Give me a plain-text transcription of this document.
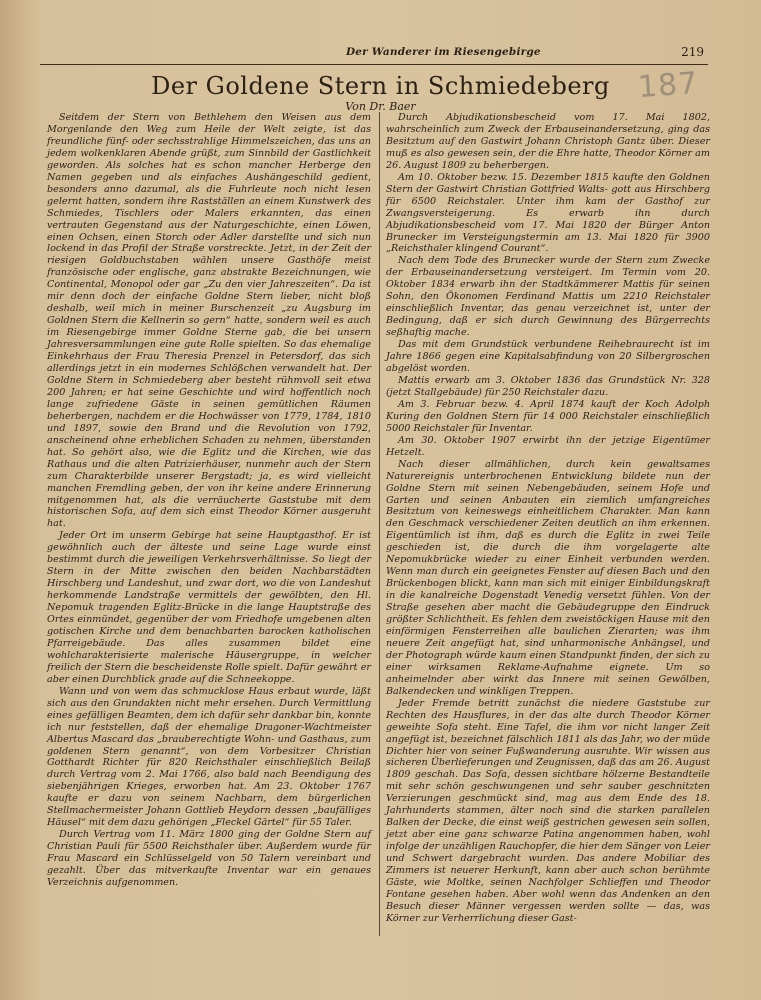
Der Wanderer im Riesengebirge	219
187
Der Goldene Stern in Schmiedeberg
Von Dr. Baer

Seitdem der Stern von Bethlehem den Weisen aus dem Morgenlande den Weg zum Heile der Welt zeigte, ist das freundliche fünf- oder sechsstrahlige Himmelszeichen, das uns an jedem wolkenklaren Abende grüßt, zum Sinnbild der Gastlichkeit geworden. Als solches hat es schon mancher Herberge den Namen gegeben und als einfaches Aushängeschild gedient, besonders anno dazumal, als die Fuhrleute noch nicht lesen gelernt hatten, sondern ihre Rastställen an einem Kunstwerk des Schmiedes, Tischlers oder Malers erkannten, das einen vertrauten Gegenstand aus der Naturgeschichte, einen Löwen, einen Ochsen, einen Storch oder Adler darstellte und sich nun lockend in das Profil der Straße vorstreckte. Jetzt, in der Zeit der riesigen Goldbuchstaben wählen unsere Gasthöfe meist französische oder englische, ganz abstrakte Bezeichnungen, wie Continental, Monopol oder gar „Zu den vier Jahreszeiten“. Da ist mir denn doch der einfache Goldne Stern lieber, nicht bloß deshalb, weil mich in meiner Burschenzeit „zu Augsburg im Goldnen Stern die Kellnerin so gern“ hatte, sondern weil es auch im Riesengebirge immer Goldne Sterne gab, die bei unsern Jahresversammlungen eine gute Rolle spielten. So das ehemalige Einkehrhaus der Frau Theresia Prenzel in Petersdorf, das sich allerdings jetzt in ein modernes Schlößchen verwandelt hat. Der Goldne Stern in Schmiedeberg aber besteht rühmvoll seit etwa 200 Jahren; er hat seine Geschichte und wird hoffentlich noch lange zufriedene Gäste in seinen gemütlichen Räumen beherbergen, nachdem er die Hochwässer von 1779, 1784, 1810 und 1897, sowie den Brand und die Revolution von 1792, anscheinend ohne erheblichen Schaden zu nehmen, überstanden hat. So gehört also, wie die Eglitz und die Kirchen, wie das Rathaus und die alten Patrizierhäuser, nunmehr auch der Stern zum Charakterbilde unserer Bergstadt; ja, es wird vielleicht manchen Fremdling geben, der von ihr keine andere Erinnerung mitgenommen hat, als die verräucherte Gaststube mit dem historischen Sofa, auf dem sich einst Theodor Körner ausgeruht hat.

Jeder Ort im unserm Gebirge hat seine Hauptgasthof. Er ist gewöhnlich auch der älteste und seine Lage wurde einst bestimmt durch die jeweiligen Verkehrsverhältnisse. So liegt der Stern in der Mitte zwischen den beiden Nachbarstädten Hirschberg und Landeshut, und zwar dort, wo die von Landeshut herkommende Landstraße vermittels der gewölbten, den Hl. Nepomuk tragenden Eglitz-Brücke in die lange Hauptstraße des Ortes einmündet, gegenüber der vom Friedhofe umgebenen alten gotischen Kirche und dem benachbarten barocken katholischen Pfarreigebäude. Das alles zusammen bildet eine wohlcharakterisierte malerische Häusergruppe, in welcher freilich der Stern die bescheidenste Rolle spielt. Dafür gewährt er aber einen Durchblick grade auf die Schneekoppe.

Wann und von wem das schmucklose Haus erbaut wurde, läßt sich aus den Grundakten nicht mehr ersehen. Durch Vermittlung eines gefälligen Beamten, dem ich dafür sehr dankbar bin, konnte ich nur feststellen, daß der ehemalige Dragoner-Wachtmeister Albertus Mascard das „brauberechtigte Wohn- und Gasthaus, zum goldenen Stern genannt“, von dem Vorbesitzer Christian Gotthardt Richter für 820 Reichsthaler einschließlich Beilaß durch Vertrag vom 2. Mai 1766, also bald nach Beendigung des siebenjährigen Krieges, erworben hat. Am 23. Oktober 1767 kaufte er dazu von seinem Nachbarn, dem bürgerlichen Stellmachermeister Johann Gottlieb Heydorn dessen „baufälliges Häusel“ mit dem dazu gehörigen „Fleckel Gärtel“ für 55 Taler.

Durch Vertrag vom 11. März 1800 ging der Goldne Stern auf Christian Pauli für 5500 Reichsthaler über. Außerdem wurde für Frau Mascard ein Schlüsselgeld von 50 Talern vereinbart und gezahlt. Über das mitverkaufte Inventar war ein genaues Verzeichnis aufgenommen.

Durch Abjudikationsbescheid vom 17. Mai 1802, wahrscheinlich zum Zweck der Erbauseinandersetzung, ging das Besitztum auf den Gastwirt Johann Christoph Gantz über. Dieser muß es also gewesen sein, der die Ehre hatte, Theodor Körner am 26. August 1809 zu beherbergen.

Am 10. Oktober bezw. 15. Dezember 1815 kaufte den Goldnen Stern der Gastwirt Christian Gottfried Walts- gott aus Hirschberg für 6500 Reichstaler. Unter ihm kam der Gasthof zur Zwangsversteigerung. Es erwarb ihn durch Abjudikationsbescheid vom 17. Mai 1820 der Bürger Anton Brunecker im Versteigungstermin am 13. Mai 1820 für 3900 „Reichsthaler klingend Courant“.

Nach dem Tode des Brunecker wurde der Stern zum Zwecke der Erbauseinandersetzung versteigert. Im Termin vom 20. Oktober 1834 erwarb ihn der Stadtkämmerer Mattis für seinen Sohn, den Ökonomen Ferdinand Mattis um 2210 Reichstaler einschließlich Inventar, das genau verzeichnet ist, unter der Bedingung, daß er sich durch Gewinnung des Bürgerrechts seßhaftig mache.

Das mit dem Grundstück verbundene Reihebraurecht ist im Jahre 1866 gegen eine Kapitalsabfindung von 20 Silbergroschen abgelöst worden.

Mattis erwarb am 3. Oktober 1836 das Grundstück Nr. 328 (jetzt Stallgebäude) für 250 Reichstaler dazu.

Am 3. Februar bezw. 4. April 1874 kauft der Koch Adolph Kuring den Goldnen Stern für 14 000 Reichstaler einschließlich 5000 Reichstaler für Inventar.

Am 30. Oktober 1907 erwirbt ihn der jetzige Eigentümer Hetzelt.

Nach dieser allmählichen, durch kein gewaltsames Naturereignis unterbrochenen Entwicklung bildete nun der Goldne Stern mit seinen Nebengebäuden, seinem Hofe und Garten und seinen Anbauten ein ziemlich umfangreiches Besitztum von keineswegs einheitlichem Charakter. Man kann den Geschmack verschiedener Zeiten deutlich an ihm erkennen. Eigentümlich ist ihm, daß es durch die Eglitz in zwei Teile geschieden ist, die durch die ihm vorgelagerte alte Nepomukbrücke wieder zu einer Einheit verbunden werden. Wenn man durch ein geeignetes Fenster auf diesen Bach und den Brückenbogen blickt, kann man sich mit einiger Einbildungskraft in die kanalreiche Dogenstadt Venedig versetzt fühlen. Von der Straße gesehen aber macht die Gebäudegruppe den Eindruck größter Schlichtheit. Es fehlen dem zweistöckigen Hause mit den einförmigen Fensterreihen alle baulichen Zierarten; was ihm neuere Zeit angefügt hat, sind unharmonische Anhängsel, und der Photograph würde kaum einen Standpunkt finden, der sich zu einer wirksamen Reklame-Aufnahme eignete. Um so anheimelnder aber wirkt das Innere mit seinen Gewölben, Balkendecken und winkligen Treppen.

Jeder Fremde betritt zunächst die niedere Gaststube zur Rechten des Hausflures, in der das alte durch Theodor Körner geweihte Sofa steht. Eine Tafel, die ihm vor nicht langer Zeit angefügt ist, bezeichnet fälschlich 1811 als das Jahr, wo der müde Dichter hier von seiner Fußwanderung ausruhte. Wir wissen aus sicheren Überlieferungen und Zeugnissen, daß das am 26. August 1809 geschah. Das Sofa, dessen sichtbare hölzerne Bestandteile mit sehr schön geschwungenen und sehr sauber geschnitzten Verzierungen geschmückt sind, mag aus dem Ende des 18. Jahrhunderts stammen, älter noch sind die starken parallelen Balken der Decke, die einst weiß gestrichen gewesen sein sollen, jetzt aber eine ganz schwarze Patina angenommen haben, wohl infolge der unzähligen Rauchopfer, die hier dem Sänger von Leier und Schwert dargebracht wurden. Das andere Mobiliar des Zimmers ist neuerer Herkunft, kann aber auch schon berühmte Gäste, wie Moltke, seinen Nachfolger Schlieffen und Theodor Fontane gesehen haben. Aber wohl wenn das Andenken an den Besuch dieser Männer vergessen werden sollte — das, was Körner zur Verherrlichung dieser Gast-
